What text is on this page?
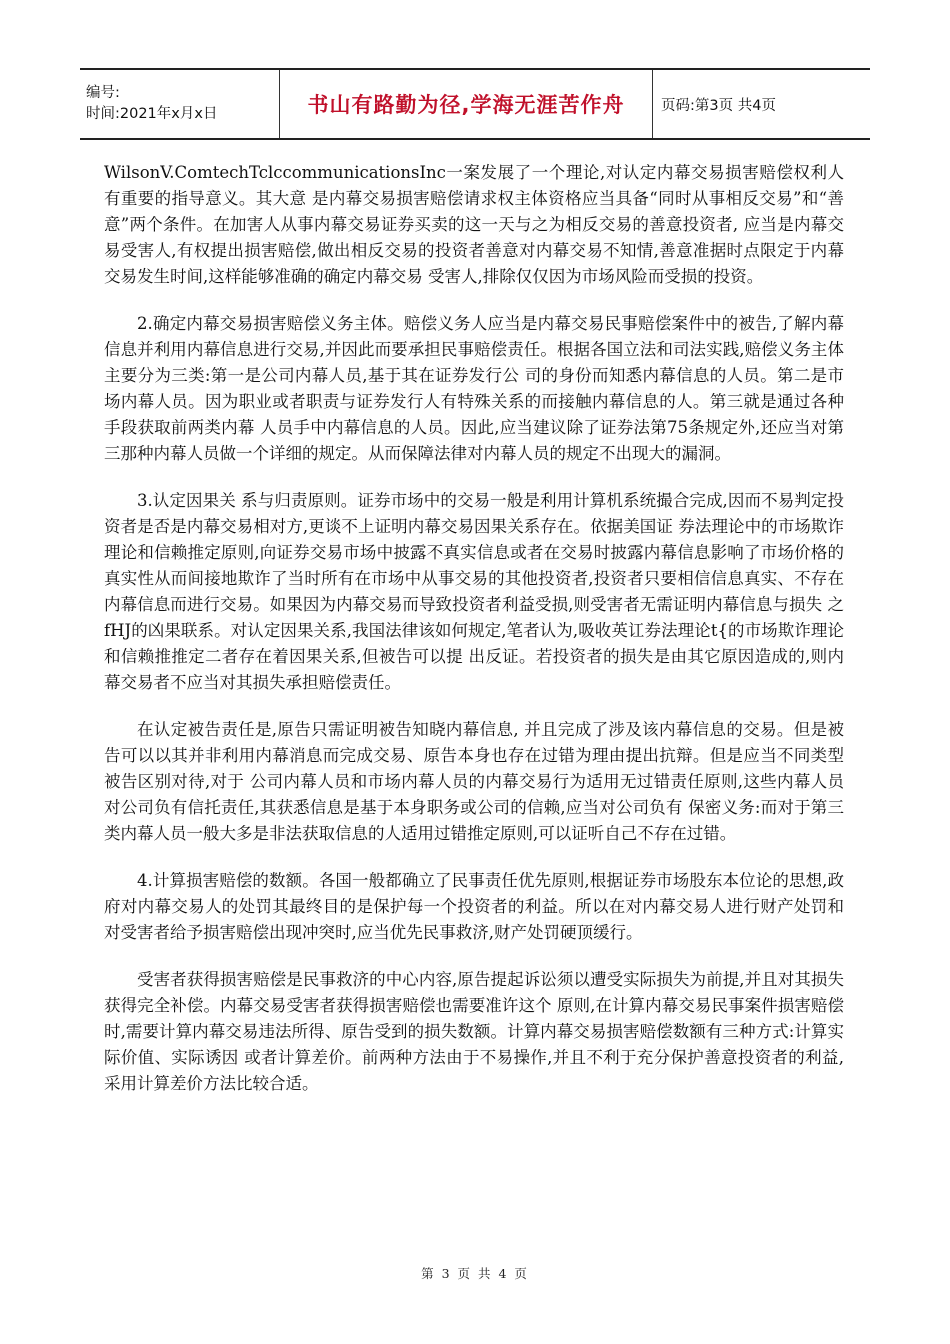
编号:
时间:2021年x月x日	书山有路勤为径,学海无涯苦作舟	页码:第3页 共4页

WilsonV.ComtechTclccommunicationsInc一案发展了一个理论,对认定内幕交易损害赔偿权利人有重要的指导意义。其大意 是内幕交易损害赔偿请求权主体资格应当具备“同时从事相反交易”和“善意”两个条件。在加害人从事内幕交易证券买卖的这一天与之为相反交易的善意投资者, 应当是内幕交易受害人,有权提出损害赔偿,做出相反交易的投资者善意对内幕交易不知情,善意准据时点限定于内幕交易发生时间,这样能够准确的确定内幕交易 受害人,排除仅仅因为市场风险而受损的投资。

2.确定内幕交易损害赔偿义务主体。赔偿义务人应当是内幕交易民事赔偿案件中的被告,了解内幕 信息并利用内幕信息进行交易,并因此而要承担民事赔偿责任。根据各国立法和司法实践,赔偿义务主体主要分为三类:第一是公司内幕人员,基于其在证券发行公 司的身份而知悉内幕信息的人员。第二是市场内幕人员。因为职业或者职责与证券发行人有特殊关系的而接触内幕信息的人。第三就是通过各种手段获取前两类内幕 人员手中内幕信息的人员。因此,应当建议除了证券法第75条规定外,还应当对第三那种内幕人员做一个详细的规定。从而保障法律对内幕人员的规定不出现大的漏洞。

3.认定因果关 系与归责原则。证券市场中的交易一般是利用计算机系统撮合完成,因而不易判定投资者是否是内幕交易相对方,更谈不上证明内幕交易因果关系存在。依据美国证 券法理论中的市场欺诈理论和信赖推定原则,向证券交易市场中披露不真实信息或者在交易时披露内幕信息影响了市场价格的真实性从而间接地欺诈了当时所有在市场中从事交易的其他投资者,投资者只要相信信息真实、不存在内幕信息而进行交易。如果因为内幕交易而导致投资者利益受损,则受害者无需证明内幕信息与损失 之fHJ的凶果联系。对认定因果关系,我国法律该如何规定,笔者认为,吸收英讧券法理论t{的市场欺诈理论和信赖推推定二者存在着因果关系,但被告可以提 出反证。若投资者的损失是由其它原因造成的,则内幕交易者不应当对其损失承担赔偿责任。

在认定被告责任是,原告只需证明被告知晓内幕信息, 并且完成了涉及该内幕信息的交易。但是被告可以以其并非利用内幕消息而完成交易、原告本身也存在过错为理由提出抗辩。但是应当不同类型被告区别对待,对于 公司内幕人员和市场内幕人员的内幕交易行为适用无过错责任原则,这些内幕人员对公司负有信托责任,其获悉信息是基于本身职务或公司的信赖,应当对公司负有 保密义务:而对于第三类内幕人员一般大多是非法获取信息的人适用过错推定原则,可以证听自己不存在过错。

4.计算损害赔偿的数额。各国一般都确立了民事责任优先原则,根据证券市场股东本位论的思想,政府对内幕交易人的处罚其最终目的是保护每一个投资者的利益。所以在对内幕交易人进行财产处罚和对受害者给予损害赔偿出现冲突时,应当优先民事救济,财产处罚硬顶缓行。

受害者获得损害赔偿是民事救济的中心内容,原告提起诉讼须以遭受实际损失为前提,并且对其损失获得完全补偿。内幕交易受害者获得损害赔偿也需要准许这个 原则,在计算内幕交易民事案件损害赔偿时,需要计算内幕交易违法所得、原告受到的损失数额。计算内幕交易损害赔偿数额有三种方式:计算实际价值、实际诱因 或者计算差价。前两种方法由于不易操作,并且不利于充分保护善意投资者的利益,采用计算差价方法比较合适。

第 3 页 共 4 页
